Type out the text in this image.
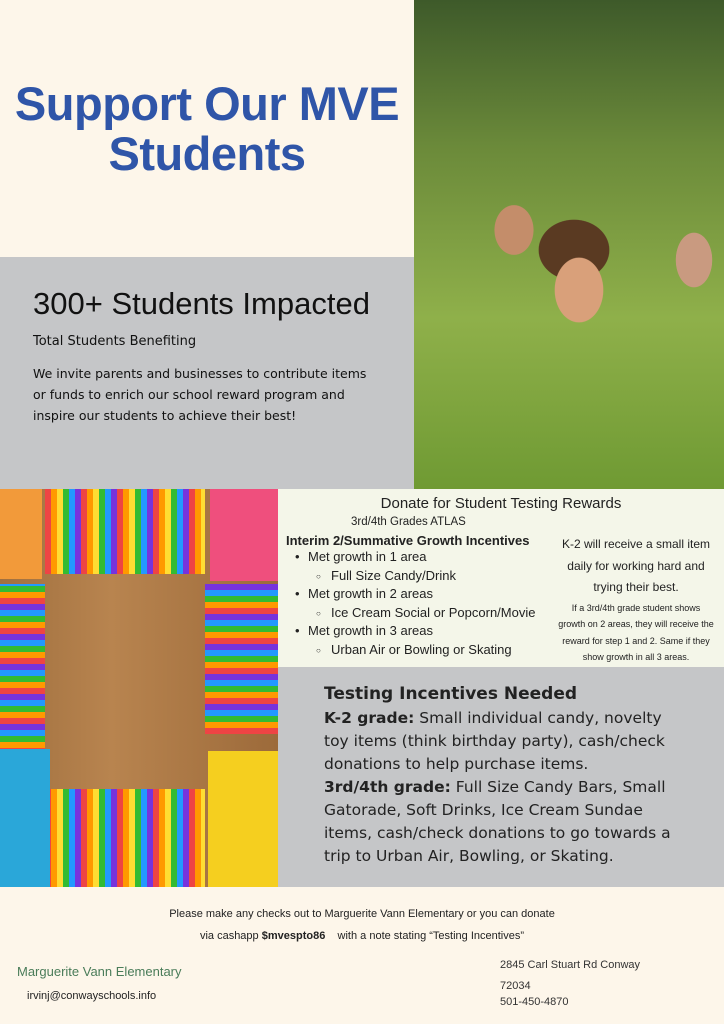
Support Our MVE Students
300+ Students Impacted
Total Students Benefiting

We invite parents and businesses to contribute items or funds to enrich our school reward program and inspire our students to achieve their best!

Donate for Student Testing Rewards
3rd/4th Grades ATLAS
Interim 2/Summative Growth Incentives
• Met growth in 1 area
○ Full Size Candy/Drink
• Met growth in 2 areas
○ Ice Cream Social or Popcorn/Movie
• Met growth in 3 areas
○ Urban Air or Bowling or Skating
K-2 will receive a small item daily for working hard and trying their best.
If a 3rd/4th grade student shows growth on 2 areas, they will receive the reward for step 1 and 2. Same if they show growth in all 3 areas.
Testing Incentives Needed
K-2 grade: Small individual candy, novelty toy items (think birthday party), cash/check donations to help purchase items.
3rd/4th grade: Full Size Candy Bars, Small Gatorade, Soft Drinks, Ice Cream Sundae items, cash/check donations to go towards a trip to Urban Air, Bowling, or Skating.
Please make any checks out to Marguerite Vann Elementary or you can donate
via cashapp $mvespto86 with a note stating “Testing Incentives”
Marguerite Vann Elementary
irvinj@conwayschools.info
2845 Carl Stuart Rd Conway
72034
501-450-4870
